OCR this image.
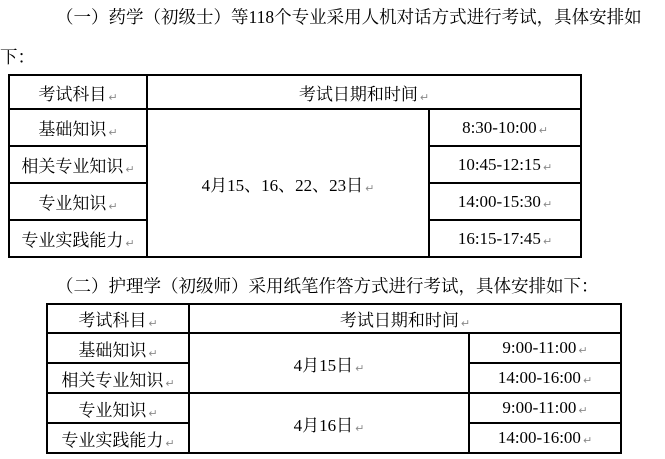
（一）药学（初级士）等118个专业采用人机对话方式进行考试，具体安排如
下：
考试科目 ↵	考试日期和时间 ↵	
基础知识 ↵	4月15、16、22、23日 ↵	8:30-10:00 ↵
相关专业知识 ↵		10:45-12:15 ↵
专业知识 ↵		14:00-15:30 ↵
专业实践能力 ↵		16:15-17:45 ↵
（二）护理学（初级师）采用纸笔作答方式进行考试，具体安排如下：
考试科目 ↵	考试日期和时间 ↵	
基础知识 ↵	4月15日 ↵	9:00-11:00 ↵
相关专业知识 ↵		14:00-16:00 ↵
专业知识 ↵	4月16日 ↵	9:00-11:00 ↵
专业实践能力 ↵		14:00-16:00 ↵
